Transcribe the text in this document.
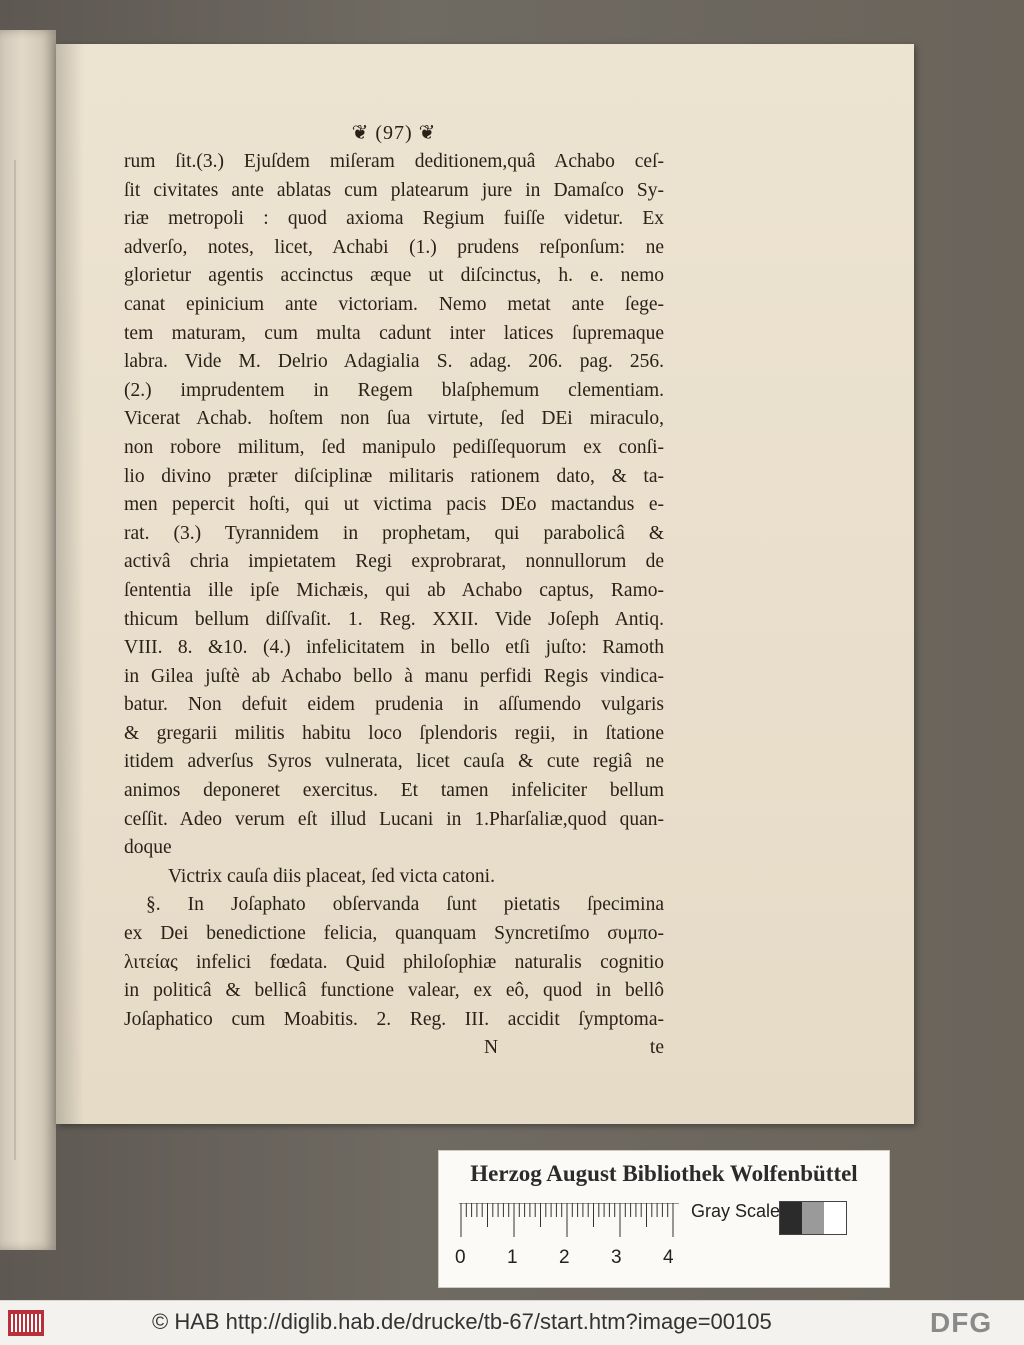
❦ (97) ❦
rum ſit.(3.) Ejuſdem miſeram deditionem,quâ Achabo ceſ-
ſit civitates ante ablatas cum platearum jure in Damaſco Sy-
riæ metropoli : quod axioma Regium fuiſſe videtur. Ex
adverſo, notes, licet, Achabi (1.) prudens reſponſum: ne
glorietur agentis accinctus æque ut diſcinctus, h. e. nemo
canat epinicium ante victoriam. Nemo metat ante ſege-
tem maturam, cum multa cadunt inter latices ſupremaque
labra. Vide M. Delrio Adagialia S. adag. 206. pag. 256.
(2.) imprudentem in Regem blaſphemum clementiam.
Vicerat Achab. hoſtem non ſua virtute, ſed DEi miraculo,
non robore militum, ſed manipulo pediſſequorum ex conſi-
lio divino præter diſciplinæ militaris rationem dato, & ta-
men pepercit hoſti, qui ut victima pacis DEo mactandus e-
rat. (3.) Tyrannidem in prophetam, qui parabolicâ &
activâ chria impietatem Regi exprobrarat, nonnullorum de
ſententia ille ipſe Michæis, qui ab Achabo captus, Ramo-
thicum bellum diſſvaſit. 1. Reg. XXII. Vide Joſeph Antiq.
VIII. 8. &10. (4.) infelicitatem in bello etſi juſto: Ramoth
in Gilea juſtè ab Achabo bello à manu perfidi Regis vindica-
batur. Non defuit eidem prudenia in aſſumendo vulgaris
& gregarii militis habitu loco ſplendoris regii, in ſtatione
itidem adverſus Syros vulnerata, licet cauſa & cute regiâ ne
animos deponeret exercitus. Et tamen infeliciter bellum
ceſſit. Adeo verum eſt illud Lucani in 1.Pharſaliæ,quod quan-
doque
Victrix cauſa diis placeat, ſed victa catoni.
§. In Joſaphato obſervanda ſunt pietatis ſpecimina
ex Dei benedictione felicia, quanquam Syncretiſmo συμπο-
λιτείας infelici fœdata. Quid philoſophiæ naturalis cognitio
in politicâ & bellicâ functione valear, ex eô, quod in bellô
Joſaphatico cum Moabitis. 2. Reg. III. accidit ſymptoma-
N	te
Herzog August Bibliothek Wolfenbüttel
0 1 2 3 4
Gray Scale
© HAB http://diglib.hab.de/drucke/tb-67/start.htm?image=00105	DFG
